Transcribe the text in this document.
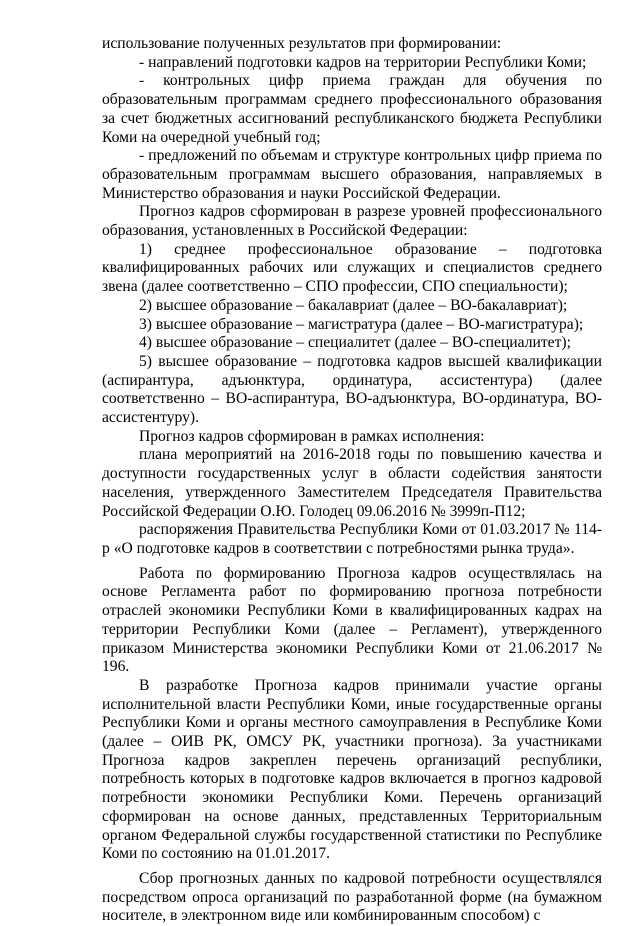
использование полученных результатов при формировании:

- направлений подготовки кадров на территории Республики Коми;

- контрольных цифр приема граждан для обучения по образовательным программам среднего профессионального образования за счет бюджетных ассигнований республиканского бюджета Республики Коми на очередной учебный год;

- предложений по объемам и структуре контрольных цифр приема по образовательным программам высшего образования, направляемых в Министерство образования и науки Российской Федерации.

Прогноз кадров сформирован в разрезе уровней профессионального образования, установленных в Российской Федерации:

1) среднее профессиональное образование – подготовка квалифицированных рабочих или служащих и специалистов среднего звена (далее соответственно – СПО профессии, СПО специальности);

2) высшее образование – бакалавриат (далее – ВО-бакалавриат);

3) высшее образование – магистратура (далее – ВО-магистратура);

4) высшее образование – специалитет (далее – ВО-специалитет);

5) высшее образование – подготовка кадров высшей квалификации (аспирантура, адъюнктура, ординатура, ассистентура) (далее соответственно – ВО-аспирантура, ВО-адъюнктура, ВО-ординатура, ВО-ассистентуру).

Прогноз кадров сформирован в рамках исполнения:

плана мероприятий на 2016-2018 годы по повышению качества и доступности государственных услуг в области содействия занятости населения, утвержденного Заместителем Председателя Правительства Российской Федерации О.Ю. Голодец 09.06.2016 № 3999п-П12;

распоряжения Правительства Республики Коми от 01.03.2017 № 114-р «О подготовке кадров в соответствии с потребностями рынка труда».

Работа по формированию Прогноза кадров осуществлялась на основе Регламента работ по формированию прогноза потребности отраслей экономики Республики Коми в квалифицированных кадрах на территории Республики Коми (далее – Регламент), утвержденного приказом Министерства экономики Республики Коми от 21.06.2017 № 196.

В разработке Прогноза кадров принимали участие органы исполнительной власти Республики Коми, иные государственные органы Республики Коми и органы местного самоуправления в Республике Коми (далее – ОИВ РК, ОМСУ РК, участники прогноза). За участниками Прогноза кадров закреплен перечень организаций республики, потребность которых в подготовке кадров включается в прогноз кадровой потребности экономики Республики Коми. Перечень организаций сформирован на основе данных, представленных Территориальным органом Федеральной службы государственной статистики по Республике Коми по состоянию на 01.01.2017.

Сбор прогнозных данных по кадровой потребности осуществлялся посредством опроса организаций по разработанной форме (на бумажном носителе, в электронном виде или комбинированным способом) с
